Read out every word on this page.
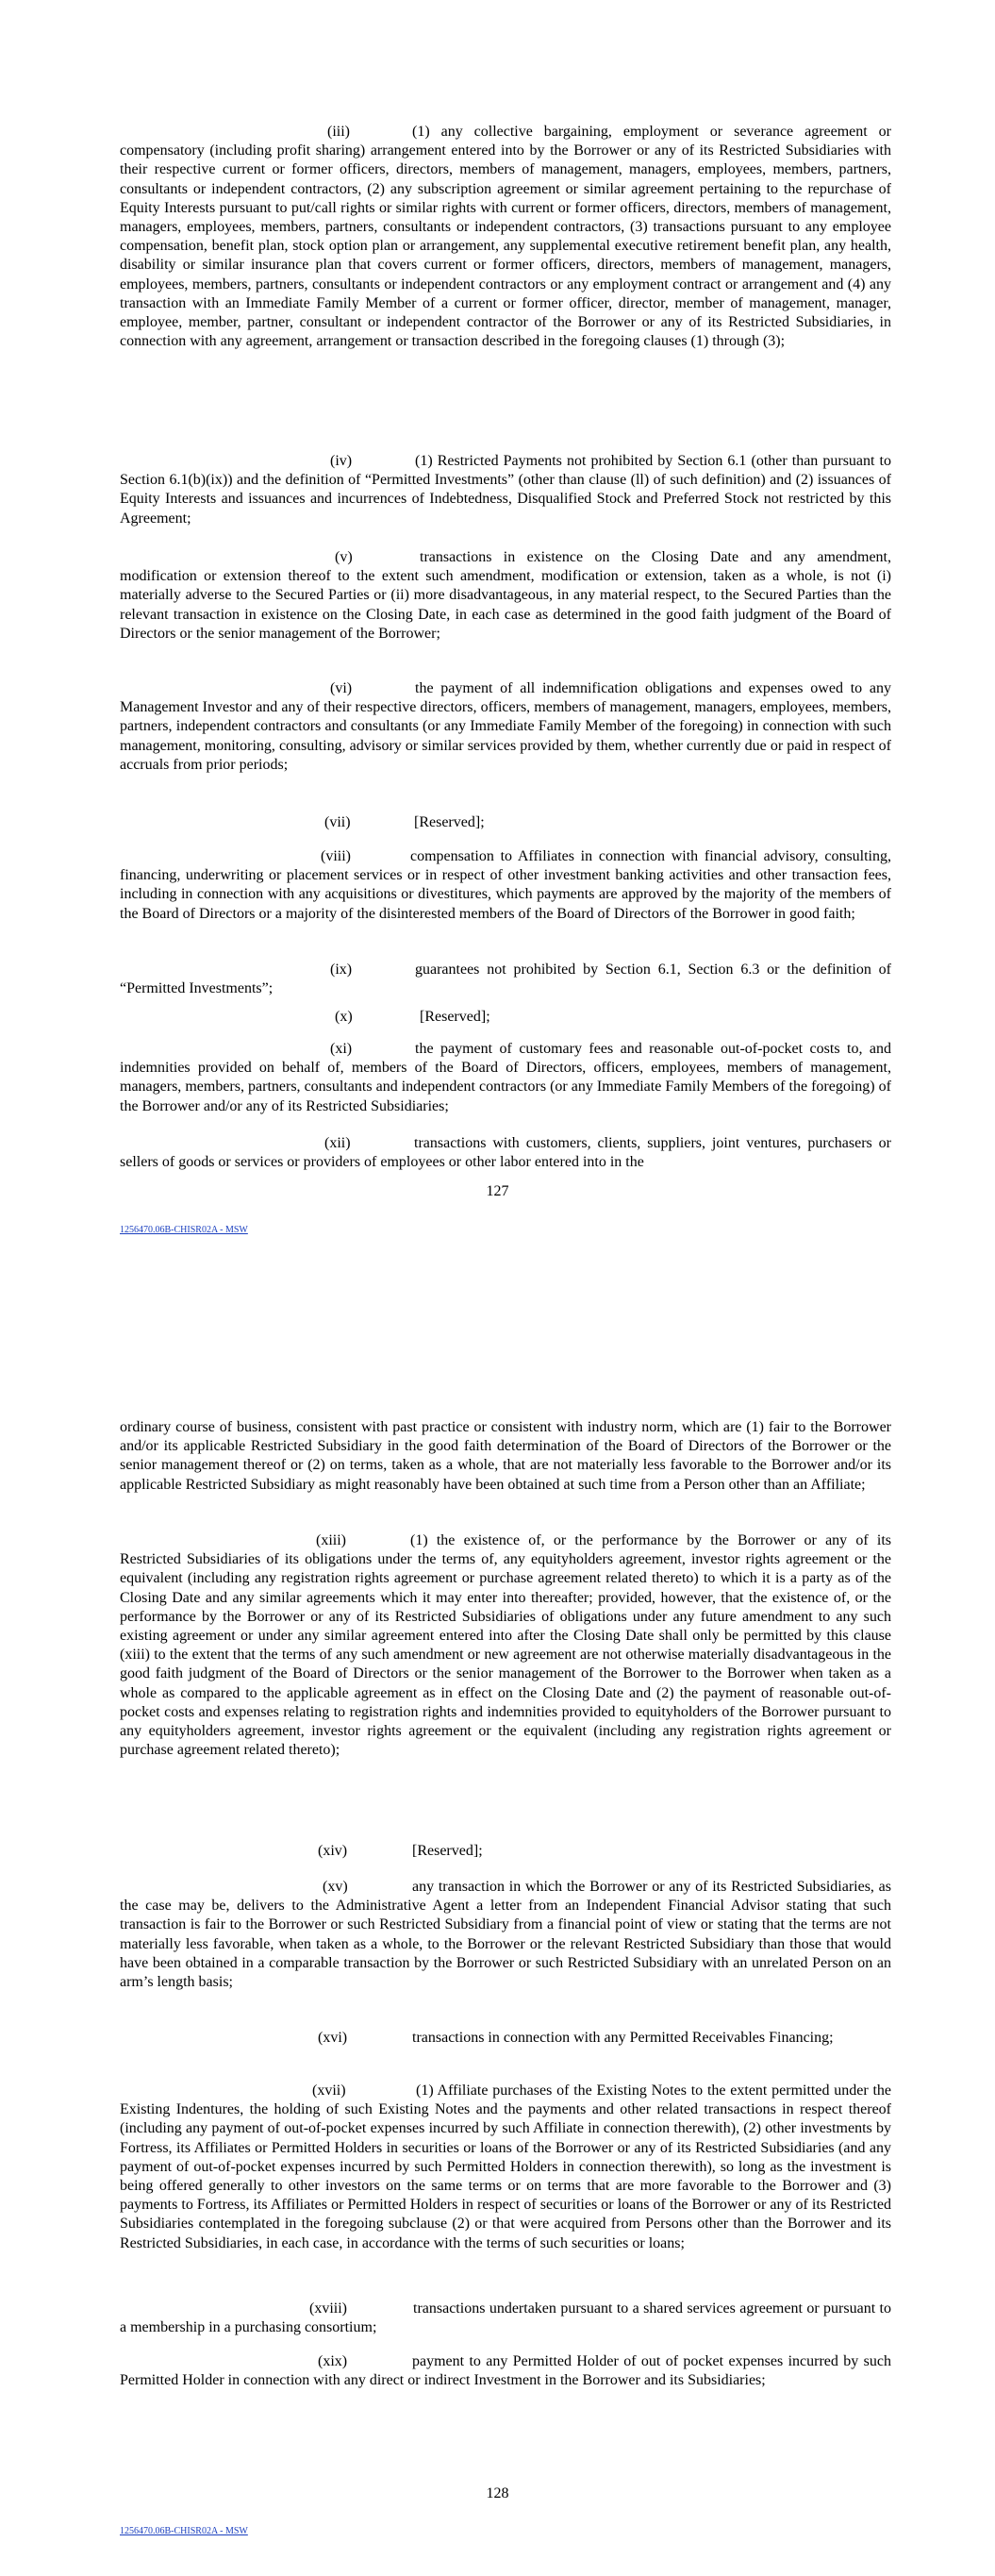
(iii)	(1) any collective bargaining, employment or severance agreement or compensatory (including profit sharing) arrangement entered into by the Borrower or any of its Restricted Subsidiaries with their respective current or former officers, directors, members of management, managers, employees, members, partners, consultants or independent contractors, (2) any subscription agreement or similar agreement pertaining to the repurchase of Equity Interests pursuant to put/call rights or similar rights with current or former officers, directors, members of management, managers, employees, members, partners, consultants or independent contractors, (3) transactions pursuant to any employee compensation, benefit plan, stock option plan or arrangement, any supplemental executive retirement benefit plan, any health, disability or similar insurance plan that covers current or former officers, directors, members of management, managers, employees, members, partners, consultants or independent contractors or any employment contract or arrangement and (4) any transaction with an Immediate Family Member of a current or former officer, director, member of management, manager, employee, member, partner, consultant or independent contractor of the Borrower or any of its Restricted Subsidiaries, in connection with any agreement, arrangement or transaction described in the foregoing clauses (1) through (3);

(iv)	(1) Restricted Payments not prohibited by Section 6.1 (other than pursuant to Section 6.1(b)(ix)) and the definition of “Permitted Investments” (other than clause (ll) of such definition) and (2) issuances of Equity Interests and issuances and incurrences of Indebtedness, Disqualified Stock and Preferred Stock not restricted by this Agreement;

(v)	transactions in existence on the Closing Date and any amendment, modification or extension thereof to the extent such amendment, modification or extension, taken as a whole, is not (i) materially adverse to the Secured Parties or (ii) more disadvantageous, in any material respect, to the Secured Parties than the relevant transaction in existence on the Closing Date, in each case as determined in the good faith judgment of the Board of Directors or the senior management of the Borrower;

(vi)	the payment of all indemnification obligations and expenses owed to any Management Investor and any of their respective directors, officers, members of management, managers, employees, members, partners, independent contractors and consultants (or any Immediate Family Member of the foregoing) in connection with such management, monitoring, consulting, advisory or similar services provided by them, whether currently due or paid in respect of accruals from prior periods;

(vii)	[Reserved];

(viii)	compensation to Affiliates in connection with financial advisory, consulting, financing, underwriting or placement services or in respect of other investment banking activities and other transaction fees, including in connection with any acquisitions or divestitures, which payments are approved by the majority of the members of the Board of Directors or a majority of the disinterested members of the Board of Directors of the Borrower in good faith;

(ix)	guarantees not prohibited by Section 6.1, Section 6.3 or the definition of “Permitted Investments”;

(x)	[Reserved];

(xi)	the payment of customary fees and reasonable out-of-pocket costs to, and indemnities provided on behalf of, members of the Board of Directors, officers, employees, members of management, managers, members, partners, consultants and independent contractors (or any Immediate Family Members of the foregoing) of the Borrower and/or any of its Restricted Subsidiaries;

(xii)	transactions with customers, clients, suppliers, joint ventures, purchasers or sellers of goods or services or providers of employees or other labor entered into in the

127
1256470.06B-CHISR02A - MSW

ordinary course of business, consistent with past practice or consistent with industry norm, which are (1) fair to the Borrower and/or its applicable Restricted Subsidiary in the good faith determination of the Board of Directors of the Borrower or the senior management thereof or (2) on terms, taken as a whole, that are not materially less favorable to the Borrower and/or its applicable Restricted Subsidiary as might reasonably have been obtained at such time from a Person other than an Affiliate;

(xiii)	(1) the existence of, or the performance by the Borrower or any of its Restricted Subsidiaries of its obligations under the terms of, any equityholders agreement, investor rights agreement or the equivalent (including any registration rights agreement or purchase agreement related thereto) to which it is a party as of the Closing Date and any similar agreements which it may enter into thereafter; provided, however, that the existence of, or the performance by the Borrower or any of its Restricted Subsidiaries of obligations under any future amendment to any such existing agreement or under any similar agreement entered into after the Closing Date shall only be permitted by this clause (xiii) to the extent that the terms of any such amendment or new agreement are not otherwise materially disadvantageous in the good faith judgment of the Board of Directors or the senior management of the Borrower to the Borrower when taken as a whole as compared to the applicable agreement as in effect on the Closing Date and (2) the payment of reasonable out-of-pocket costs and expenses relating to registration rights and indemnities provided to equityholders of the Borrower pursuant to any equityholders agreement, investor rights agreement or the equivalent (including any registration rights agreement or purchase agreement related thereto);

(xiv)	[Reserved];

(xv)	any transaction in which the Borrower or any of its Restricted Subsidiaries, as the case may be, delivers to the Administrative Agent a letter from an Independent Financial Advisor stating that such transaction is fair to the Borrower or such Restricted Subsidiary from a financial point of view or stating that the terms are not materially less favorable, when taken as a whole, to the Borrower or the relevant Restricted Subsidiary than those that would have been obtained in a comparable transaction by the Borrower or such Restricted Subsidiary with an unrelated Person on an arm’s length basis;

(xvi)	transactions in connection with any Permitted Receivables Financing;

(xvii)	(1) Affiliate purchases of the Existing Notes to the extent permitted under the Existing Indentures, the holding of such Existing Notes and the payments and other related transactions in respect thereof (including any payment of out-of-pocket expenses incurred by such Affiliate in connection therewith), (2) other investments by Fortress, its Affiliates or Permitted Holders in securities or loans of the Borrower or any of its Restricted Subsidiaries (and any payment of out-of-pocket expenses incurred by such Permitted Holders in connection therewith), so long as the investment is being offered generally to other investors on the same terms or on terms that are more favorable to the Borrower and (3) payments to Fortress, its Affiliates or Permitted Holders in respect of securities or loans of the Borrower or any of its Restricted Subsidiaries contemplated in the foregoing subclause (2) or that were acquired from Persons other than the Borrower and its Restricted Subsidiaries, in each case, in accordance with the terms of such securities or loans;

(xviii)	transactions undertaken pursuant to a shared services agreement or pursuant to a membership in a purchasing consortium;

(xix)	payment to any Permitted Holder of out of pocket expenses incurred by such Permitted Holder in connection with any direct or indirect Investment in the Borrower and its Subsidiaries;

128
1256470.06B-CHISR02A - MSW
